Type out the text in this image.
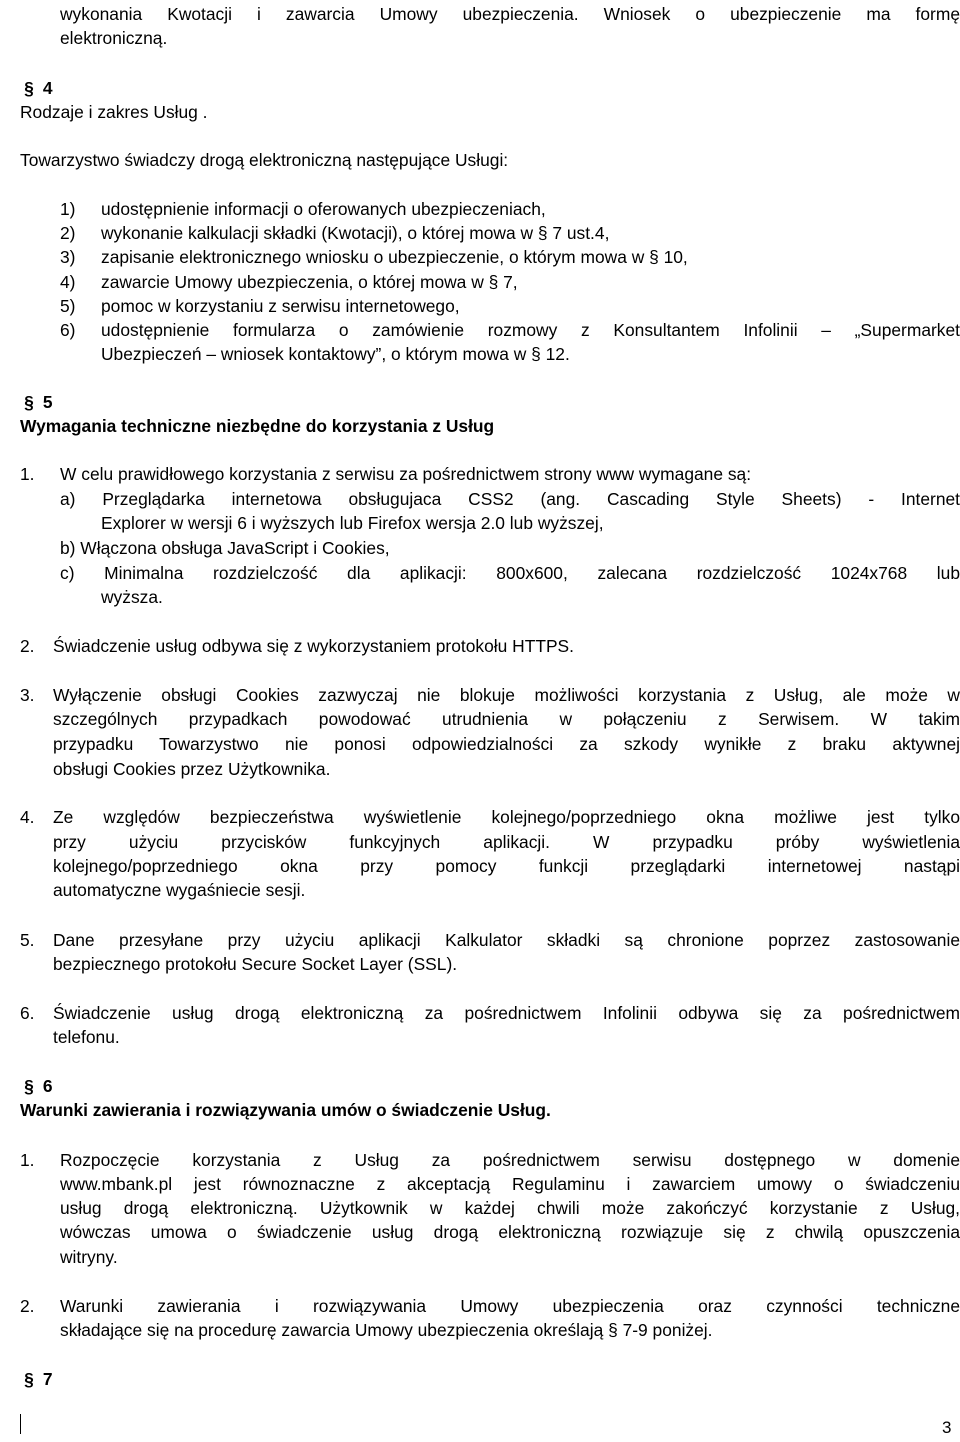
wykonania Kwotacji i zawarcia Umowy ubezpieczenia. Wniosek o ubezpieczenie ma formę
elektroniczną.
§ 4
Rodzaje i zakres Usług .
Towarzystwo świadczy drogą elektroniczną następujące Usługi:
1) udostępnienie informacji o oferowanych ubezpieczeniach,
2) wykonanie kalkulacji składki (Kwotacji), o której mowa w § 7 ust.4,
3) zapisanie elektronicznego wniosku o ubezpieczenie, o którym mowa w § 10,
4) zawarcie Umowy ubezpieczenia, o której mowa w § 7,
5) pomoc w korzystaniu z serwisu internetowego,
6) udostępnienie formularza o zamówienie rozmowy z Konsultantem Infolinii – „Supermarket
Ubezpieczeń – wniosek kontaktowy”, o którym mowa w § 12.
§ 5
Wymagania techniczne niezbędne do korzystania z Usług
1. W celu prawidłowego korzystania z serwisu za pośrednictwem strony www wymagane są:
a) Przeglądarka internetowa obsługujaca CSS2 (ang. Cascading Style Sheets) - Internet
Explorer w wersji 6 i wyższych lub Firefox wersja 2.0 lub wyższej,
b) Włączona obsługa JavaScript i Cookies,
c) Minimalna rozdzielczość dla aplikacji: 800x600, zalecana rozdzielczość 1024x768 lub
wyższa.
2. Świadczenie usług odbywa się z wykorzystaniem protokołu HTTPS.
3. Wyłączenie obsługi Cookies zazwyczaj nie blokuje możliwości korzystania z Usług, ale może w
szczególnych przypadkach powodować utrudnienia w połączeniu z Serwisem. W takim
przypadku Towarzystwo nie ponosi odpowiedzialności za szkody wynikłe z braku aktywnej
obsługi Cookies przez Użytkownika.
4. Ze względów bezpieczeństwa wyświetlenie kolejnego/poprzedniego okna możliwe jest tylko
przy użyciu przycisków funkcyjnych aplikacji. W przypadku próby wyświetlenia
kolejnego/poprzedniego okna przy pomocy funkcji przeglądarki internetowej nastąpi
automatyczne wygaśniecie sesji.
5. Dane przesyłane przy użyciu aplikacji Kalkulator składki są chronione poprzez zastosowanie
bezpiecznego protokołu Secure Socket Layer (SSL).
6. Świadczenie usług drogą elektroniczną za pośrednictwem Infolinii odbywa się za pośrednictwem
telefonu.
§ 6
Warunki zawierania i rozwiązywania umów o świadczenie Usług.
1. Rozpoczęcie korzystania z Usług za pośrednictwem serwisu dostępnego w domenie
www.mbank.pl jest równoznaczne z akceptacją Regulaminu i zawarciem umowy o świadczeniu
usług drogą elektroniczną. Użytkownik w każdej chwili może zakończyć korzystanie z Usług,
wówczas umowa o świadczenie usług drogą elektroniczną rozwiązuje się z chwilą opuszczenia
witryny.
2. Warunki zawierania i rozwiązywania Umowy ubezpieczenia oraz czynności techniczne
składające się na procedurę zawarcia Umowy ubezpieczenia określają § 7-9 poniżej.
§ 7
3
